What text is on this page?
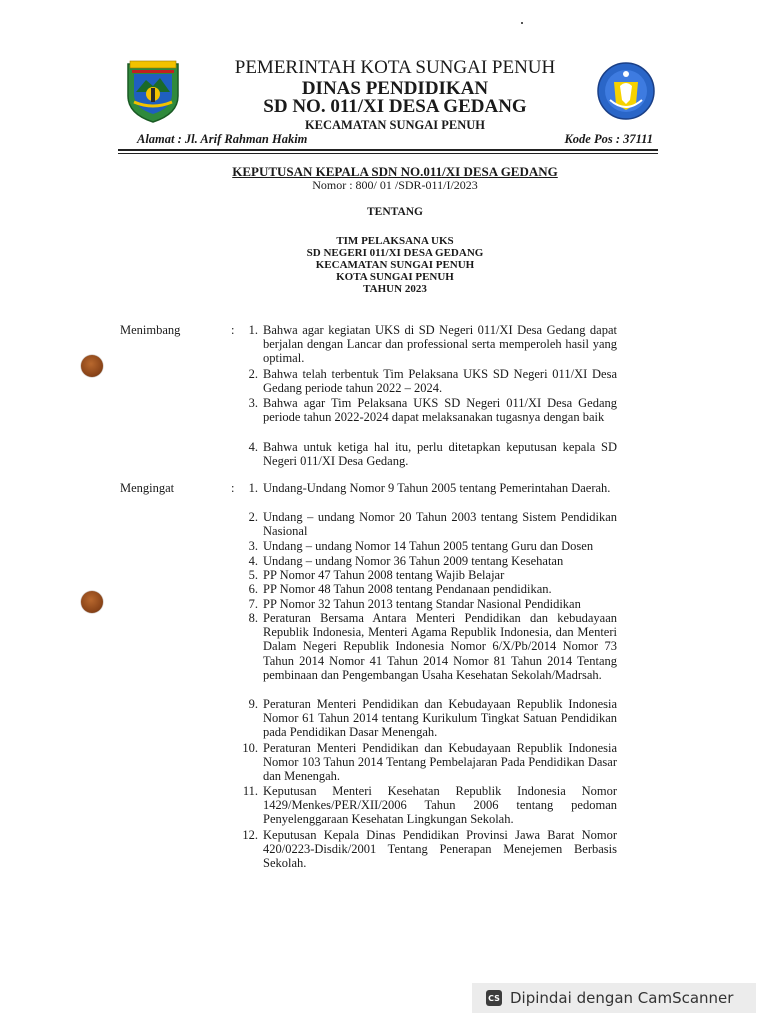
PEMERINTAH KOTA SUNGAI PENUH
DINAS PENDIDIKAN
SD NO. 011/XI DESA GEDANG
KECAMATAN SUNGAI PENUH
Alamat : Jl. Arif Rahman Hakim	Kode Pos : 37111
KEPUTUSAN KEPALA SDN NO.011/XI DESA GEDANG
Nomor : 800/ 01 /SDR-011/I/2023
TENTANG
TIM PELAKSANA UKS
SD NEGERI 011/XI DESA GEDANG
KECAMATAN SUNGAI PENUH
KOTA SUNGAI PENUH
TAHUN 2023
Menimbang	:	1. Bahwa agar kegiatan UKS di SD Negeri 011/XI Desa Gedang dapat berjalan dengan Lancar dan professional serta memperoleh hasil yang optimal.
2. Bahwa telah terbentuk Tim Pelaksana UKS SD Negeri 011/XI Desa Gedang periode tahun 2022 – 2024.
3. Bahwa agar Tim Pelaksana UKS SD Negeri 011/XI Desa Gedang periode tahun 2022-2024 dapat melaksanakan tugasnya dengan baik
4. Bahwa untuk ketiga hal itu, perlu ditetapkan keputusan kepala SD Negeri 011/XI Desa Gedang.
Mengingat	:	1. Undang-Undang Nomor 9 Tahun 2005 tentang Pemerintahan Daerah.
2. Undang – undang Nomor 20 Tahun 2003 tentang Sistem Pendidikan Nasional
3. Undang – undang Nomor 14 Tahun 2005 tentang Guru dan Dosen
4. Undang – undang Nomor 36 Tahun 2009 tentang Kesehatan
5. PP Nomor 47 Tahun 2008 tentang Wajib Belajar
6. PP Nomor 48 Tahun 2008 tentang Pendanaan pendidikan.
7. PP Nomor 32 Tahun 2013 tentang Standar Nasional Pendidikan
8. Peraturan Bersama Antara Menteri Pendidikan dan kebudayaan Republik Indonesia, Menteri Agama Republik Indonesia, dan Menteri Dalam Negeri Republik Indonesia Nomor 6/X/Pb/2014 Nomor 73 Tahun 2014 Nomor 41 Tahun 2014 Nomor 81 Tahun 2014 Tentang pembinaan dan Pengembangan Usaha Kesehatan Sekolah/Madrsah.
9. Peraturan Menteri Pendidikan dan Kebudayaan Republik Indonesia Nomor 61 Tahun 2014 tentang Kurikulum Tingkat Satuan Pendidikan pada Pendidikan Dasar Menengah.
10. Peraturan Menteri Pendidikan dan Kebudayaan Republik Indonesia Nomor 103 Tahun 2014 Tentang Pembelajaran Pada Pendidikan Dasar dan Menengah.
11. Keputusan Menteri Kesehatan Republik Indonesia Nomor 1429/Menkes/PER/XII/2006 Tahun 2006 tentang pedoman Penyelenggaraan Kesehatan Lingkungan Sekolah.
12. Keputusan Kepala Dinas Pendidikan Provinsi Jawa Barat Nomor 420/0223-Disdik/2001 Tentang Penerapan Menejemen Berbasis Sekolah.
CS Dipindai dengan CamScanner
